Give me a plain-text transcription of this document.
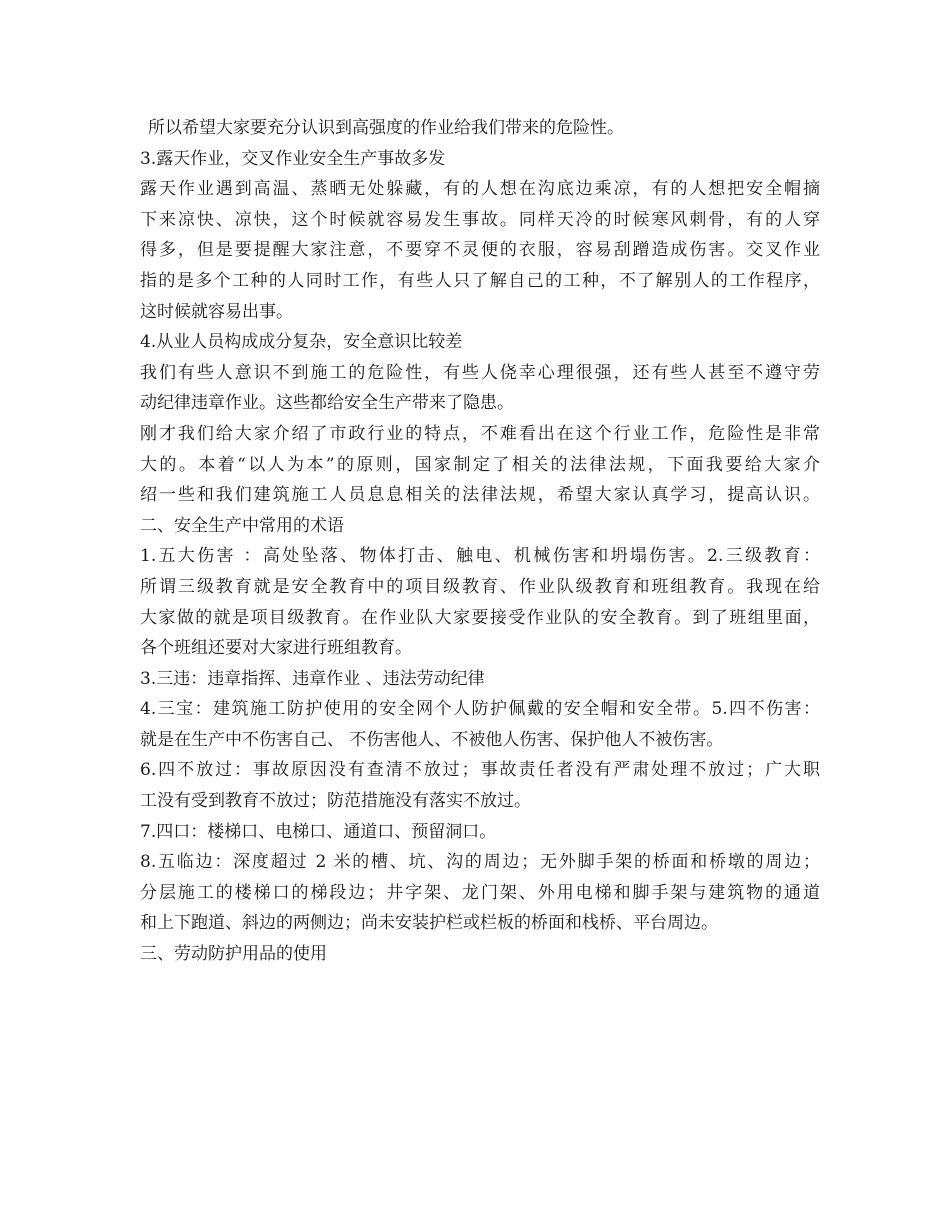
所以希望大家要充分认识到高强度的作业给我们带来的危险性。
3.露天作业，交叉作业安全生产事故多发
露天作业遇到高温、蒸晒无处躲藏，有的人想在沟底边乘凉，有的人想把安全帽摘
下来凉快、凉快，这个时候就容易发生事故。同样天冷的时候寒风刺骨，有的人穿
得多，但是要提醒大家注意，不要穿不灵便的衣服，容易刮蹭造成伤害。交叉作业
指的是多个工种的人同时工作，有些人只了解自己的工种，不了解别人的工作程序，
这时候就容易出事。
4.从业人员构成成分复杂，安全意识比较差
我们有些人意识不到施工的危险性，有些人侥幸心理很强，还有些人甚至不遵守劳
动纪律违章作业。这些都给安全生产带来了隐患。
刚才我们给大家介绍了市政行业的特点，不难看出在这个行业工作，危险性是非常
大的。本着“以人为本”的原则，国家制定了相关的法律法规，下面我要给大家介
绍一些和我们建筑施工人员息息相关的法律法规，希望大家认真学习，提高认识。
二、安全生产中常用的术语
1.五大伤害 ：高处坠落、物体打击、触电、机械伤害和坍塌伤害。2.三级教育：
所谓三级教育就是安全教育中的项目级教育、作业队级教育和班组教育。我现在给
大家做的就是项目级教育。在作业队大家要接受作业队的安全教育。到了班组里面，
各个班组还要对大家进行班组教育。
3.三违：违章指挥、违章作业 、违法劳动纪律
4.三宝：建筑施工防护使用的安全网个人防护佩戴的安全帽和安全带。5.四不伤害：
就是在生产中不伤害自己、 不伤害他人、不被他人伤害、保护他人不被伤害。
6.四不放过：事故原因没有查清不放过；事故责任者没有严肃处理不放过；广大职
工没有受到教育不放过；防范措施没有落实不放过。
7.四口：楼梯口、电梯口、通道口、预留洞口。
8.五临边：深度超过 2 米的槽、坑、沟的周边；无外脚手架的桥面和桥墩的周边；
分层施工的楼梯口的梯段边；井字架、龙门架、外用电梯和脚手架与建筑物的通道
和上下跑道、斜边的两侧边；尚未安装护栏或栏板的桥面和栈桥、平台周边。
三、劳动防护用品的使用
